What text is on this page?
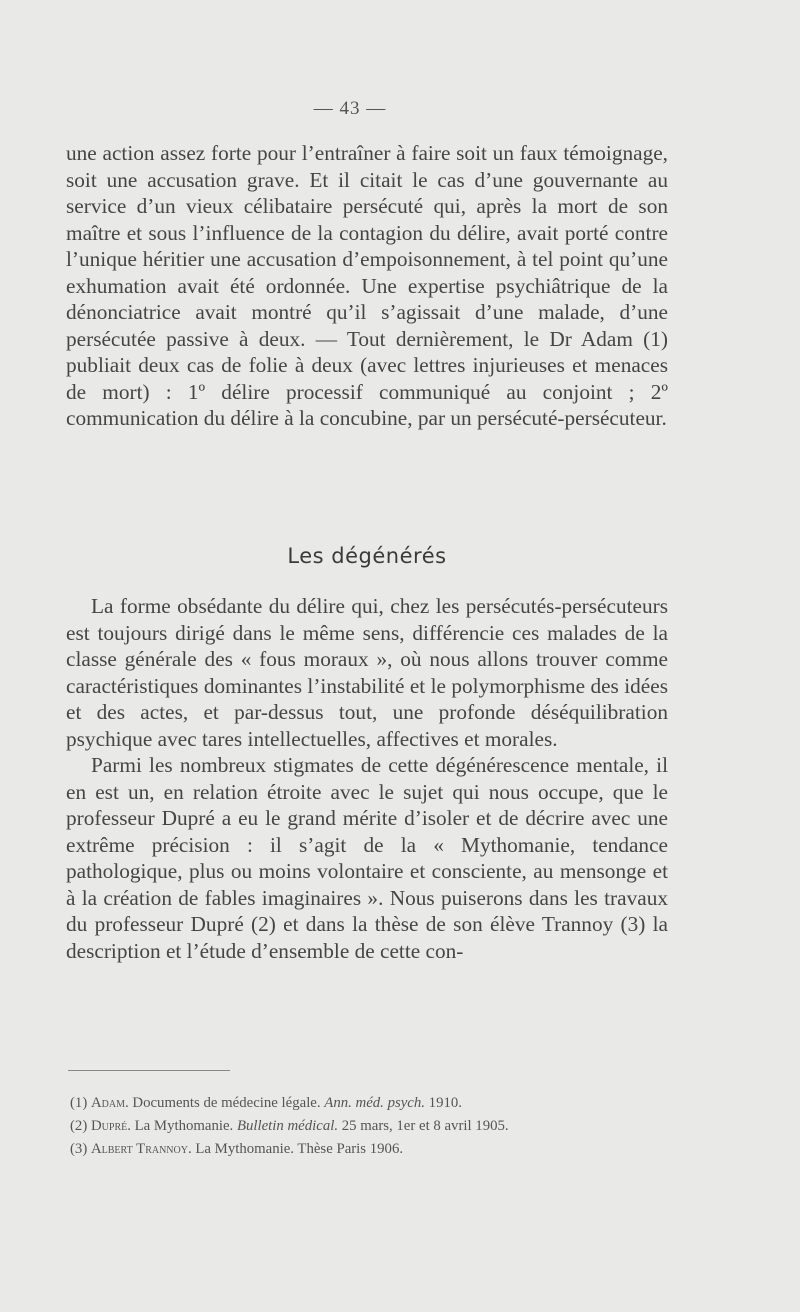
— 43 —

une action assez forte pour l’entraîner à faire soit un faux témoignage, soit une accusation grave. Et il citait le cas d’une gouvernante au service d’un vieux célibataire persécuté qui, après la mort de son maître et sous l’influence de la contagion du délire, avait porté contre l’unique héritier une accusation d’empoisonnement, à tel point qu’une exhumation avait été ordonnée. Une expertise psychiâtrique de la dénonciatrice avait montré qu’il s’agissait d’une malade, d’une persécutée passive à deux. — Tout dernièrement, le Dr Adam (1) publiait deux cas de folie à deux (avec lettres injurieuses et menaces de mort) : 1º délire processif communiqué au conjoint ; 2º communication du délire à la concubine, par un persécuté-persécuteur.

Les dégénérés

La forme obsédante du délire qui, chez les persécutés-persécuteurs est toujours dirigé dans le même sens, différencie ces malades de la classe générale des « fous moraux », où nous allons trouver comme caractéristiques dominantes l’instabilité et le polymorphisme des idées et des actes, et par-dessus tout, une profonde déséquilibration psychique avec tares intellectuelles, affectives et morales.

Parmi les nombreux stigmates de cette dégénérescence mentale, il en est un, en relation étroite avec le sujet qui nous occupe, que le professeur Dupré a eu le grand mérite d’isoler et de décrire avec une extrême précision : il s’agit de la « Mythomanie, tendance pathologique, plus ou moins volontaire et consciente, au mensonge et à la création de fables imaginaires ». Nous puiserons dans les travaux du professeur Dupré (2) et dans la thèse de son élève Trannoy (3) la description et l’étude d’ensemble de cette con-

(1) Adam. Documents de médecine légale. Ann. méd. psych. 1910.
(2) Dupré. La Mythomanie. Bulletin médical. 25 mars, 1er et 8 avril 1905.
(3) Albert Trannoy. La Mythomanie. Thèse Paris 1906.
